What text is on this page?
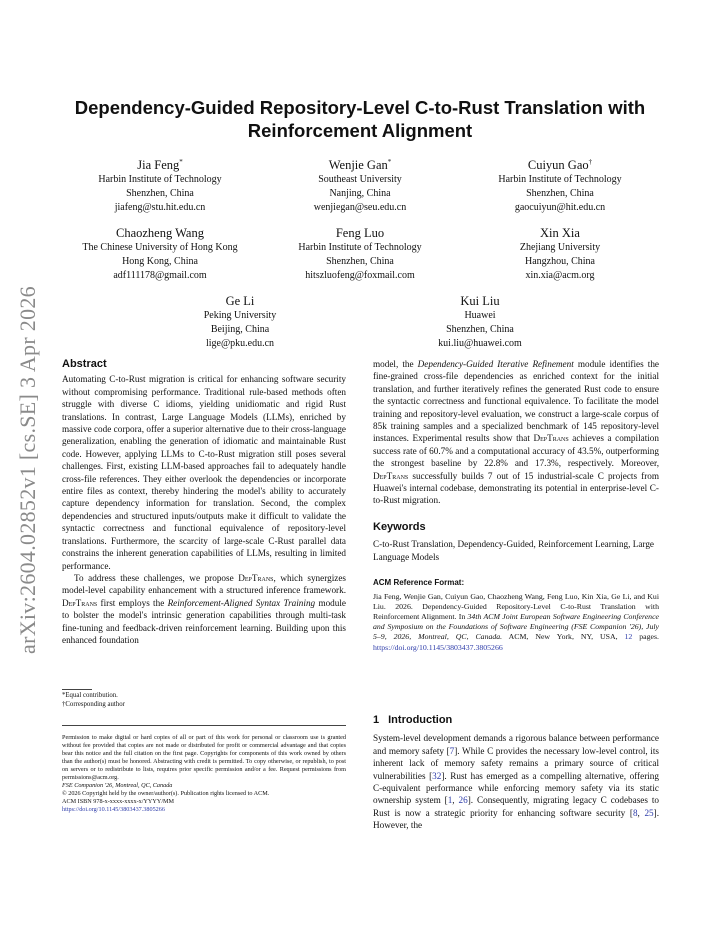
arXiv:2604.02852v1 [cs.SE] 3 Apr 2026
Dependency-Guided Repository-Level C-to-Rust Translation with Reinforcement Alignment
Jia Feng*
Harbin Institute of Technology
Shenzhen, China
jiafeng@stu.hit.edu.cn
Wenjie Gan*
Southeast University
Nanjing, China
wenjiegan@seu.edu.cn
Cuiyun Gao†
Harbin Institute of Technology
Shenzhen, China
gaocuiyun@hit.edu.cn
Chaozheng Wang
The Chinese University of Hong Kong
Hong Kong, China
adf111178@gmail.com
Feng Luo
Harbin Institute of Technology
Shenzhen, China
hitszluofeng@foxmail.com
Xin Xia
Zhejiang University
Hangzhou, China
xin.xia@acm.org
Ge Li
Peking University
Beijing, China
lige@pku.edu.cn
Kui Liu
Huawei
Shenzhen, China
kui.liu@huawei.com
Abstract

Automating C-to-Rust migration is critical for enhancing software security without compromising performance. Traditional rule-based methods often struggle with diverse C idioms, yielding unidiomatic and rigid Rust translations. In contrast, Large Language Models (LLMs), enriched by massive code corpora, offer a superior alternative due to their cross-language generalization, enabling the generation of idiomatic and maintainable Rust code. However, applying LLMs to C-to-Rust migration still poses several challenges. First, existing LLM-based approaches fail to adequately handle cross-file references. They either overlook the dependencies or incorporate entire files as context, thereby hindering the model's ability to accurately capture dependency information for translation. Second, the complex dependencies and structured inputs/outputs make it difficult to validate the syntactic correctness and functional equivalence of repository-level translations. Furthermore, the scarcity of large-scale C-Rust parallel data constrains the inherent generation capabilities of LLMs, resulting in limited performance.

To address these challenges, we propose DepTrans, which synergizes model-level capability enhancement with a structured inference framework. DepTrans first employs the Reinforcement-Aligned Syntax Training module to bolster the model's intrinsic generation capabilities through multi-task fine-tuning and feedback-driven reinforcement learning. Building upon this enhanced foundation

*Equal contribution.
†Corresponding author
Permission to make digital or hard copies of all or part of this work for personal or classroom use is granted without fee provided that copies are not made or distributed for profit or commercial advantage and that copies bear this notice and the full citation on the first page. Copyrights for components of this work owned by others than the author(s) must be honored. Abstracting with credit is permitted. To copy otherwise, or republish, to post on servers or to redistribute to lists, requires prior specific permission and/or a fee. Request permissions from permissions@acm.org.
FSE Companion '26, Montreal, QC, Canada
© 2026 Copyright held by the owner/author(s). Publication rights licensed to ACM.
ACM ISBN 978-x-xxxx-xxxx-x/YYYY/MM
https://doi.org/10.1145/3803437.3805266

model, the Dependency-Guided Iterative Refinement module identifies the fine-grained cross-file dependencies as enriched context for the initial translation, and further iteratively refines the generated Rust code to ensure the syntactic correctness and functional equivalence. To facilitate the model training and repository-level evaluation, we construct a large-scale corpus of 85k training samples and a specialized benchmark of 145 repository-level instances. Experimental results show that DepTrans achieves a compilation success rate of 60.7% and a computational accuracy of 43.5%, outperforming the strongest baseline by 22.8% and 17.3%, respectively. Moreover, DepTrans successfully builds 7 out of 15 industrial-scale C projects from Huawei's internal codebase, demonstrating its potential in enterprise-level C-to-Rust migration.

Keywords

C-to-Rust Translation, Dependency-Guided, Reinforcement Learning, Large Language Models

ACM Reference Format:

Jia Feng, Wenjie Gan, Cuiyun Gao, Chaozheng Wang, Feng Luo, Kin Xia, Ge Li, and Kui Liu. 2026. Dependency-Guided Repository-Level C-to-Rust Translation with Reinforcement Alignment. In 34th ACM Joint European Software Engineering Conference and Symposium on the Foundations of Software Engineering (FSE Companion '26), July 5–9, 2026, Montreal, QC, Canada. ACM, New York, NY, USA, 12 pages. https://doi.org/10.1145/3803437.3805266

1 Introduction

System-level development demands a rigorous balance between performance and memory safety [7]. While C provides the necessary low-level control, its inherent lack of memory safety remains a primary source of critical vulnerabilities [32]. Rust has emerged as a compelling alternative, offering C-equivalent performance while enforcing memory safety via its static ownership system [1, 26]. Consequently, migrating legacy C codebases to Rust is now a strategic priority for enhancing software security [8, 25]. However, the
